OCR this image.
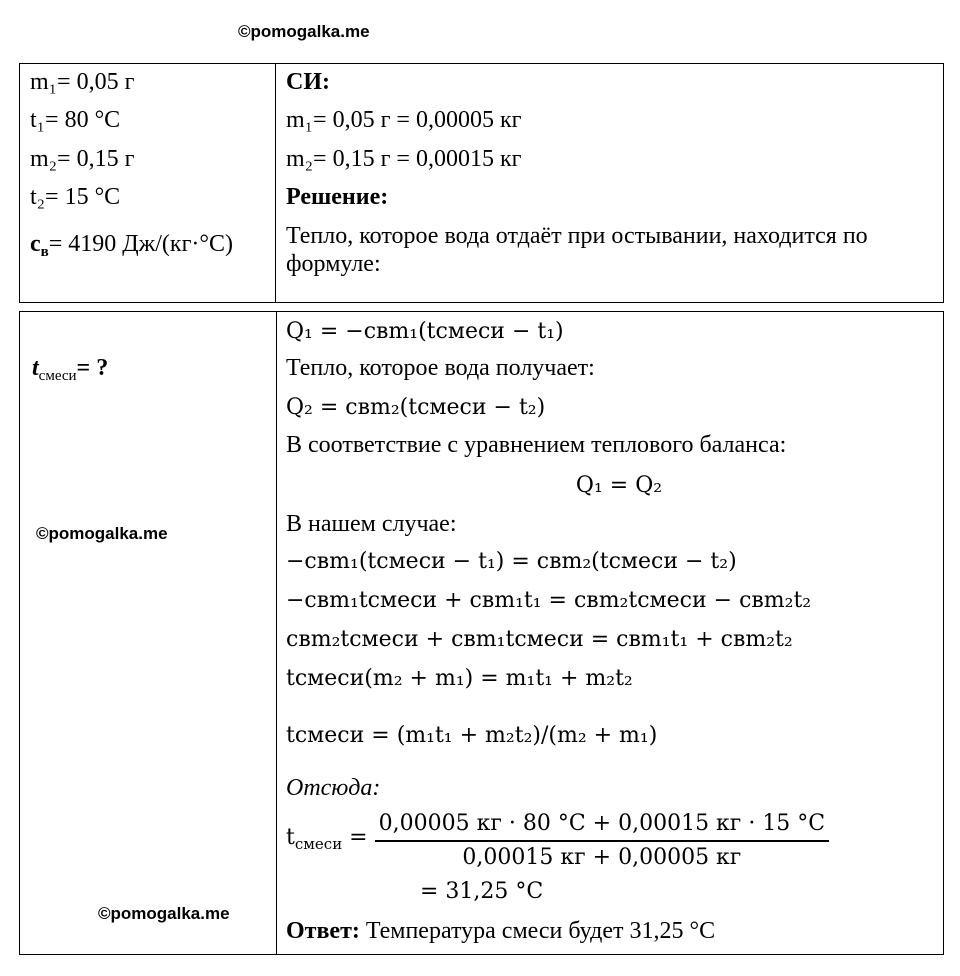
©pomogalka.me
©pomogalka.me
©pomogalka.me
m₁= 0,05 г
t₁= 80 °С
m₂= 0,15 г
t₂= 15 °С
$с_в= 4190$ Дж/(кг·°С)
СИ:
m₁= 0,05 г = 0,00005 кг
m₂= 0,15 г = 0,00015 кг
Решение:
Тепло, которое вода отдаёт при остывании, находится по формуле:
$t_{смеси}=$ ?
Q₁ = −cвm₁(tсмеси − t₁)
Тепло, которое вода получает:
Q₂ = cвm₂(tсмеси − t₂)
В соответствие с уравнением теплового баланса:
Q₁ = Q₂
В нашем случае:
−cвm₁(tсмеси − t₁) = cвm₂(tсмеси − t₂)
−cвm₁tсмеси + cвm₁t₁ = cвm₂tсмеси − cвm₂t₂
cвm₂tсмеси + cвm₁tсмеси = cвm₁t₁ + cвm₂t₂
tсмеси(m₂ + m₁) = m₁t₁ + m₂t₂
tсмеси = (m₁t₁ + m₂t₂)/(m₂ + m₁)
Отсюда:
$t_{смеси} = \frac{0,00005 кг \cdot 80 ^\circ C + 0,00015 кг \cdot 15 ^\circ C}{0,00015 кг + 0,00005 кг}$
= 31,25 °C
Ответ: Температура смеси будет 31,25 °C
